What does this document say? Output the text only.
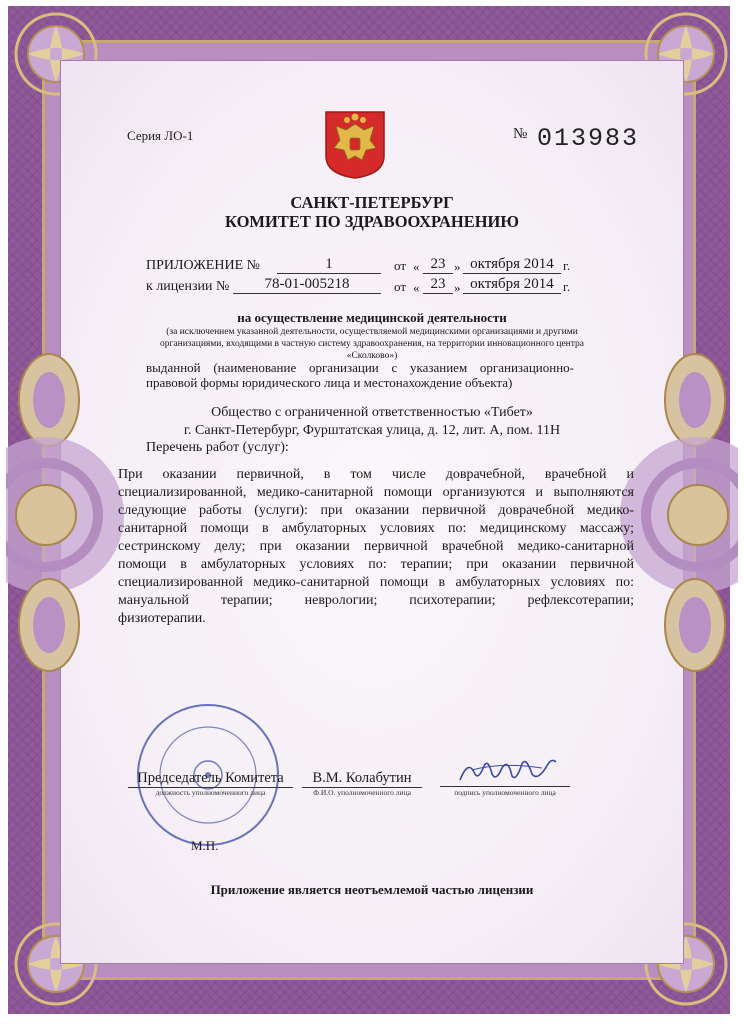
Серия ЛО-1	№ 013983
САНКТ-ПЕТЕРБУРГ
КОМИТЕТ ПО ЗДРАВООХРАНЕНИЮ
ПРИЛОЖЕНИЕ №	1	от « 23 » октября 2014 г.
к лицензии №	78-01-005218	от « 23 » октября 2014 г.
на осуществление медицинской деятельности
(за исключением указанной деятельности, осуществляемой медицинскими организациями и другими
организациями, входящими в частную систему здравоохранения, на территории инновационного центра
«Сколково»)
выданной (наименование организации с указанием организационно-
правовой формы юридического лица и местонахождение объекта)
Общество с ограниченной ответственностью «Тибет»
г. Санкт-Петербург, Фурштатская улица, д. 12, лит. А, пом. 11Н
Перечень работ (услуг):
При оказании первичной, в том числе доврачебной, врачебной и
специализированной, медико-санитарной помощи организуются и выполняются
следующие работы (услуги): при оказании первичной доврачебной медико-
санитарной помощи в амбулаторных условиях по: медицинскому массажу;
сестринскому делу; при оказании первичной врачебной медико-санитарной
помощи в амбулаторных условиях по: терапии; при оказании первичной
специализированной медико-санитарной помощи в амбулаторных условиях по:
мануальной терапии; неврологии; психотерапии; рефлексотерапии;
физиотерапии.
Председатель Комитета
должность уполномоченного лица
В.М. Колабутин
Ф.И.О. уполномоченного лица	подпись уполномоченного лица
М.П.
Приложение является неотъемлемой частью лицензии
